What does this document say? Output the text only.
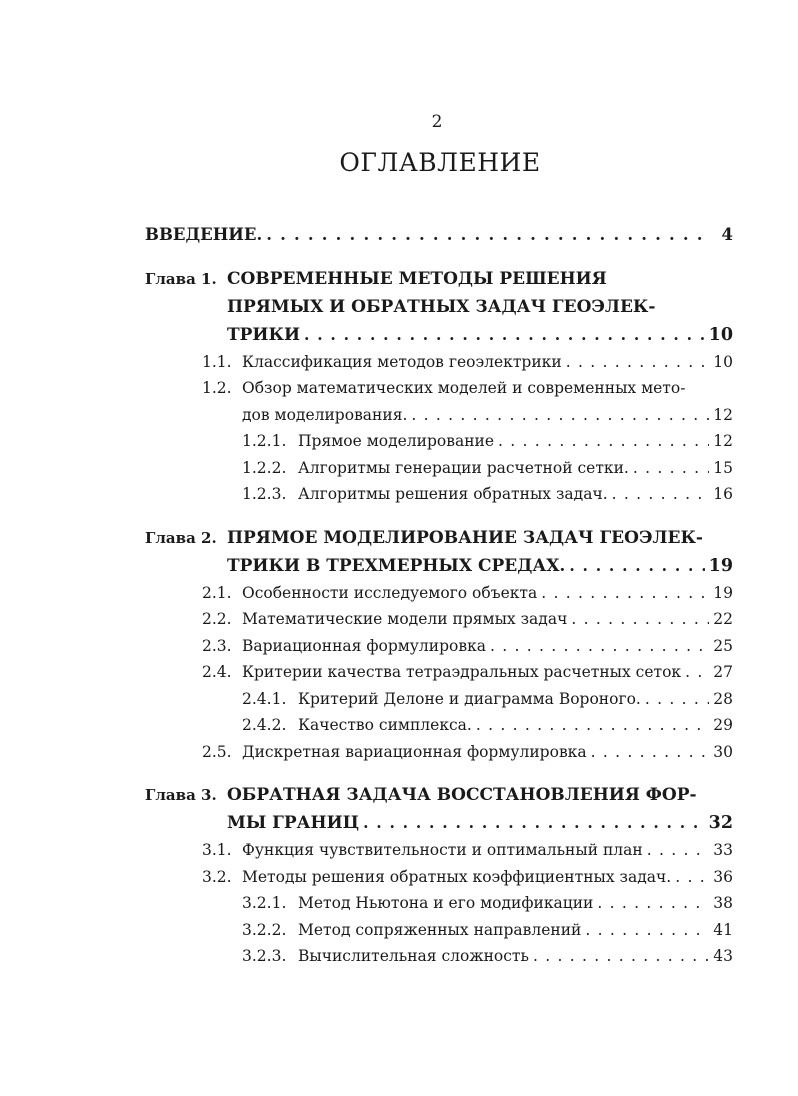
2
ОГЛАВЛЕНИЕ
ВВЕДЕНИЕ. . . .	4
Глава 1. СОВРЕМЕННЫЕ МЕТОДЫ РЕШЕНИЯ
ПРЯМЫХ И ОБРАТНЫХ ЗАДАЧ ГЕОЭЛЕК-
ТРИКИ . . .	10
1.1. Классификация методов геоэлектрики . . .	10
1.2. Обзор математических моделей и современных мето-
дов моделирования. . . .	12
1.2.1. Прямое моделирование . . .	12
1.2.2. Алгоритмы генерации расчетной сетки. . . .	15
1.2.3. Алгоритмы решения обратных задач. . . .	16
Глава 2. ПРЯМОЕ МОДЕЛИРОВАНИЕ ЗАДАЧ ГЕОЭЛЕК-
ТРИКИ В ТРЕХМЕРНЫХ СРЕДАХ. . . .	19
2.1. Особенности исследуемого объекта . . .	19
2.2. Математические модели прямых задач . . .	22
2.3. Вариационная формулировка . . .	25
2.4. Критерии качества тетраэдральных расчетных сеток . . . 27
2.4.1. Критерий Делоне и диаграмма Вороного. . . .	28
2.4.2. Качество симплекса. . . .	29
2.5. Дискретная вариационная формулировка . . .	30
Глава 3. ОБРАТНАЯ ЗАДАЧА ВОССТАНОВЛЕНИЯ ФОР-
МЫ ГРАНИЦ . . .	32
3.1. Функция чувствительности и оптимальный план . . .	33
3.2. Методы решения обратных коэффициентных задач. . . .	36
3.2.1. Метод Ньютона и его модификации . . .	38
3.2.2. Метод сопряженных направлений . . .	41
3.2.3. Вычислительная сложность . . .	43
